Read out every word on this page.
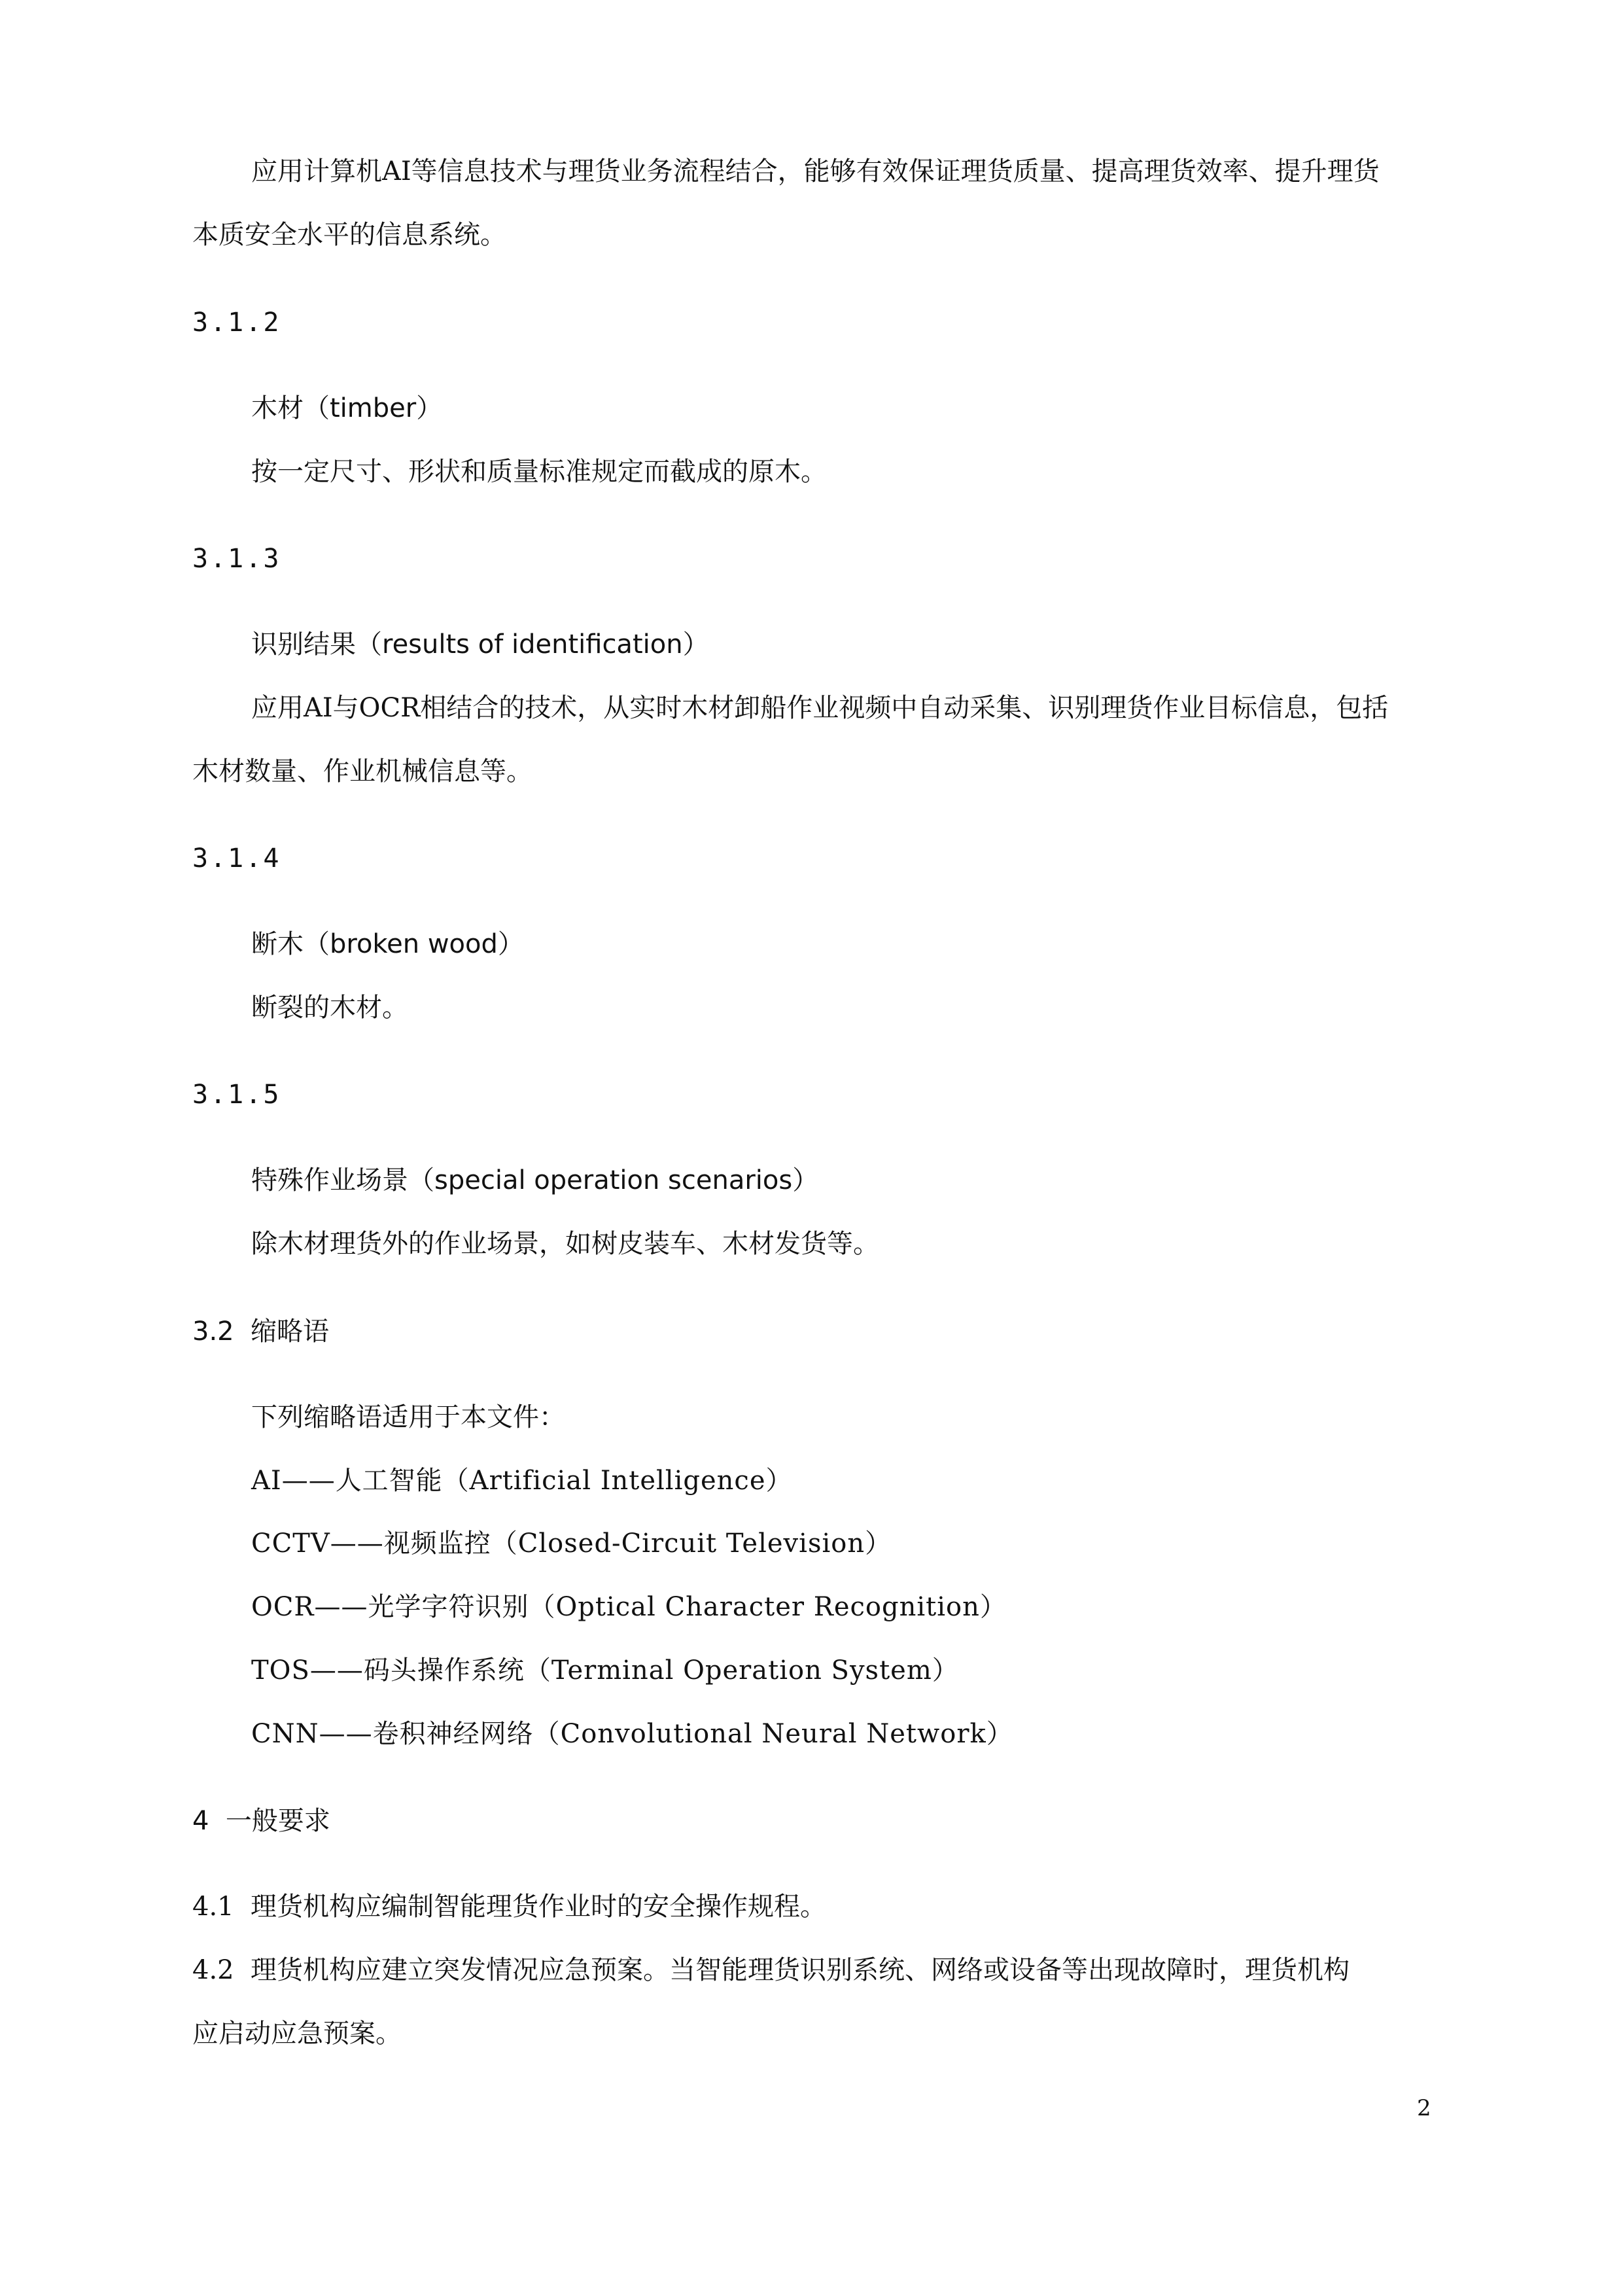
应用计算机AI等信息技术与理货业务流程结合，能够有效保证理货质量、提高理货效率、提升理货
本质安全水平的信息系统。
3.1.2
木材（timber）
按一定尺寸、形状和质量标准规定而截成的原木。
3.1.3
识别结果（results of identification）
应用AI与OCR相结合的技术，从实时木材卸船作业视频中自动采集、识别理货作业目标信息，包括
木材数量、作业机械信息等。
3.1.4
断木（broken wood）
断裂的木材。
3.1.5
特殊作业场景（special operation scenarios）
除木材理货外的作业场景，如树皮装车、木材发货等。
3.2  缩略语
下列缩略语适用于本文件：
AI——人工智能（Artificial Intelligence）
CCTV——视频监控（Closed-Circuit Television）
OCR——光学字符识别（Optical Character Recognition）
TOS——码头操作系统（Terminal Operation System）
CNN——卷积神经网络（Convolutional Neural Network）
4  一般要求
4.1  理货机构应编制智能理货作业时的安全操作规程。
4.2  理货机构应建立突发情况应急预案。当智能理货识别系统、网络或设备等出现故障时，理货机构
应启动应急预案。
2
